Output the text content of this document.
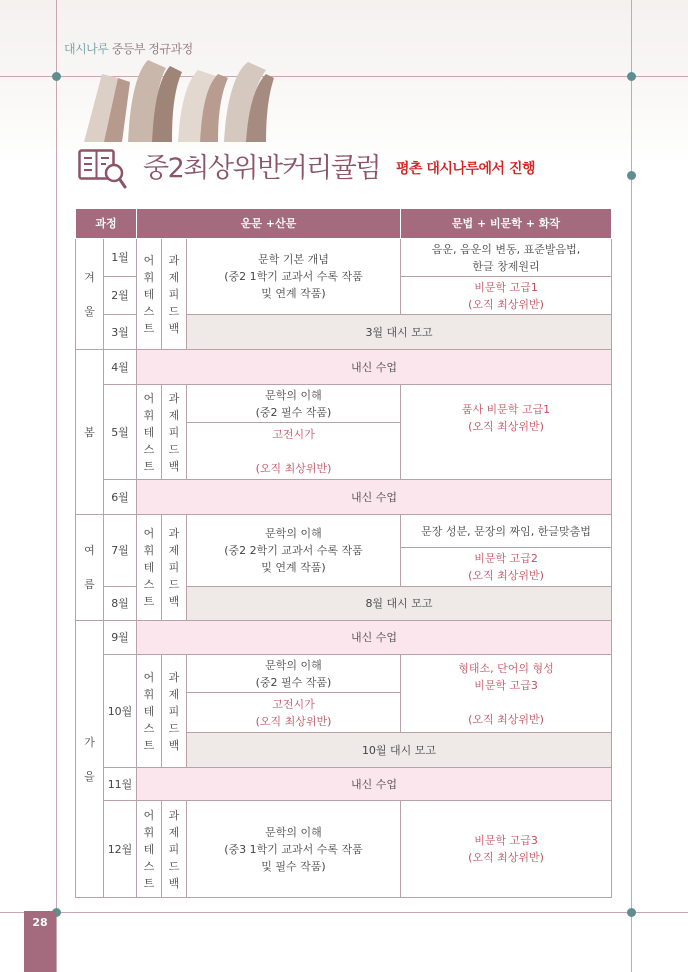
대시나루 중등부 정규과정
중2최상위반커리큘럼 평촌 대시나루에서 진행
과정	운문 +산문	문법 + 비문학 + 화작
겨

울
봄
여

름
가

을
1월
2월
3월
4월
5월
6월
7월
8월
9월
10월
11월
12월
어
휘
테
스
트
과
제
피
드
백
어
휘
테
스
트
과
제
피
드
백
어
휘
테
스
트
과
제
피
드
백
어
휘
테
스
트
과
제
피
드
백
어
휘
테
스
트
과
제
피
드
백
문학 기본 개념
(중2 1학기 교과서 수록 작품
및 연계 작품)
음운, 음운의 변동, 표준발음법,
한글 창제원리
비문학 고급1
(오직 최상위반)
3월 대시 모고
내신 수업
문학의 이해
(중2 필수 작품)
고전시가

(오직 최상위반)
품사 비문학 고급1
(오직 최상위반)
내신 수업
문학의 이해
(중2 2학기 교과서 수록 작품
및 연계 작품)
문장 성분, 문장의 짜임, 한글맞춤법
비문학 고급2
(오직 최상위반)
8월 대시 모고
내신 수업
문학의 이해
(중2 필수 작품)
고전시가
(오직 최상위반)
형태소, 단어의 형성
비문학 고급3

(오직 최상위반)
10월 대시 모고
내신 수업
문학의 이해
(중3 1학기 교과서 수록 작품
및 필수 작품)
비문학 고급3
(오직 최상위반)
28
